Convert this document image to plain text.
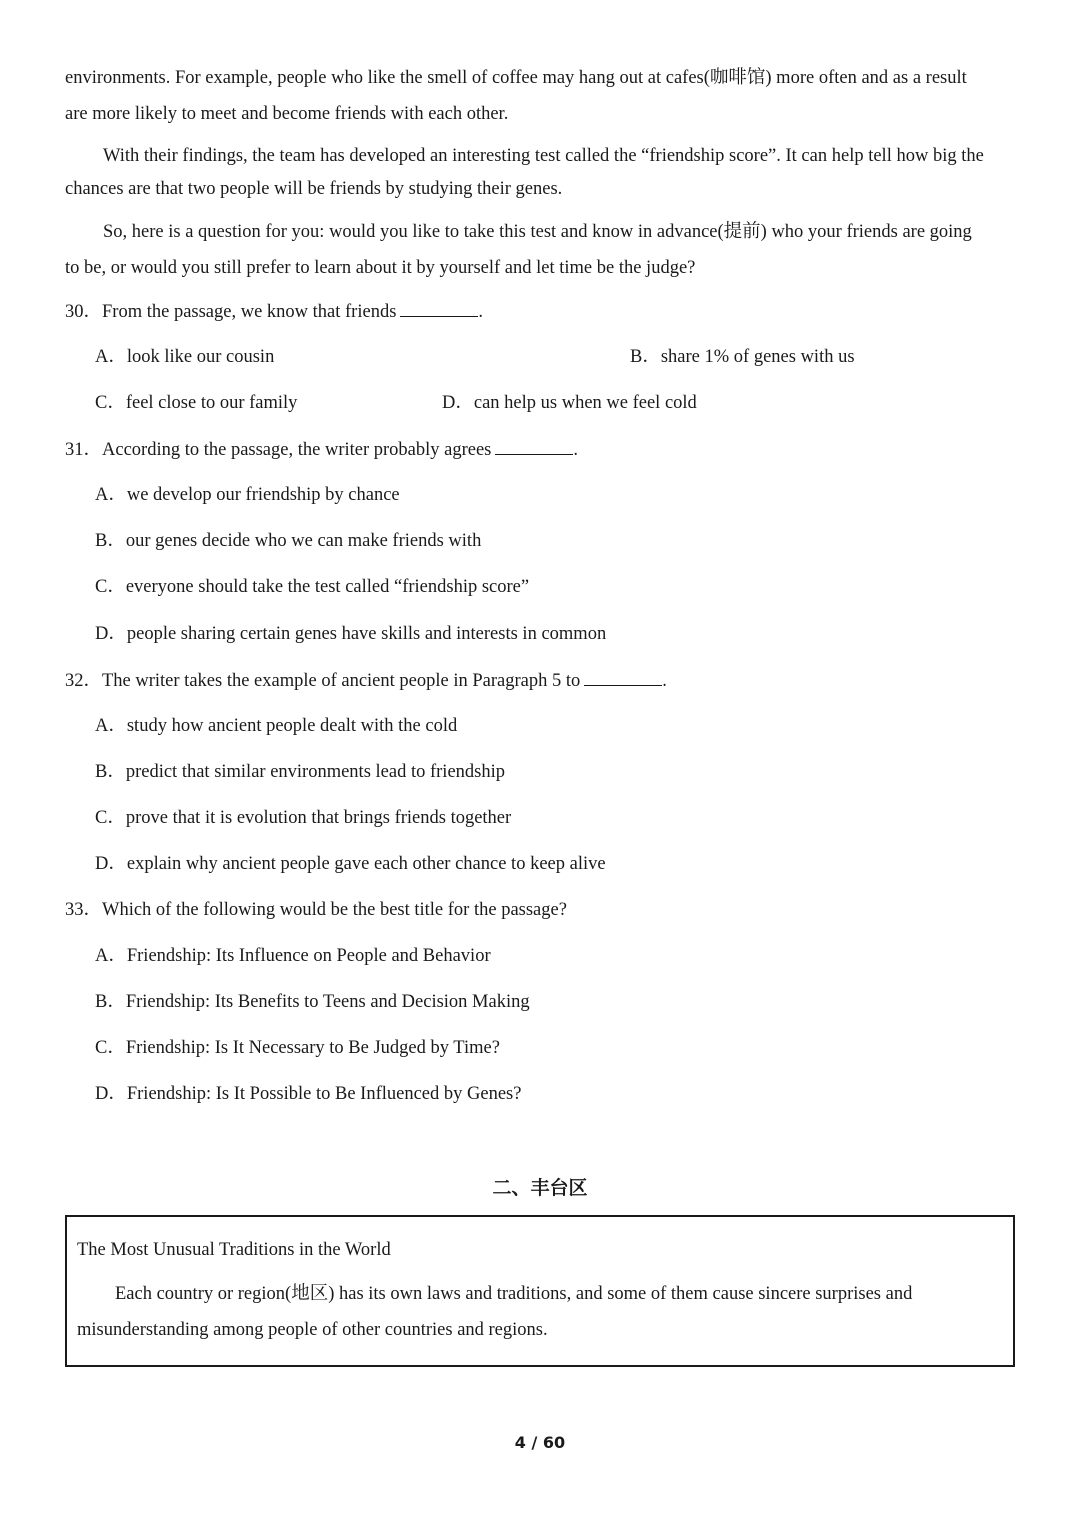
environments. For example, people who like the smell of coffee may hang out at cafes(咖啡馆) more often and as a result
are more likely to meet and become friends with each other.
With their findings, the team has developed an interesting test called the “friendship score”. It can help tell how big the
chances are that two people will be friends by studying their genes.
So, here is a question for you: would you like to take this test and know in advance(提前) who your friends are going
to be, or would you still prefer to learn about it by yourself and let time be the judge?
30．From the passage, we know that friends	.
A．look like our cousin	B．share 1% of genes with us
C．feel close to our family	D．can help us when we feel cold
31．According to the passage, the writer probably agrees	.
A．we develop our friendship by chance
B．our genes decide who we can make friends with
C．everyone should take the test called “friendship score”
D．people sharing certain genes have skills and interests in common
32．The writer takes the example of ancient people in Paragraph 5 to	.
A．study how ancient people dealt with the cold
B．predict that similar environments lead to friendship
C．prove that it is evolution that brings friends together
D．explain why ancient people gave each other chance to keep alive
33．Which of the following would be the best title for the passage?
A．Friendship: Its Influence on People and Behavior
B．Friendship: Its Benefits to Teens and Decision Making
C．Friendship: Is It Necessary to Be Judged by Time?
D．Friendship: Is It Possible to Be Influenced by Genes?
二、丰台区
The Most Unusual Traditions in the World
Each country or region(地区) has its own laws and traditions, and some of them cause sincere surprises and
misunderstanding among people of other countries and regions.
4 / 60
